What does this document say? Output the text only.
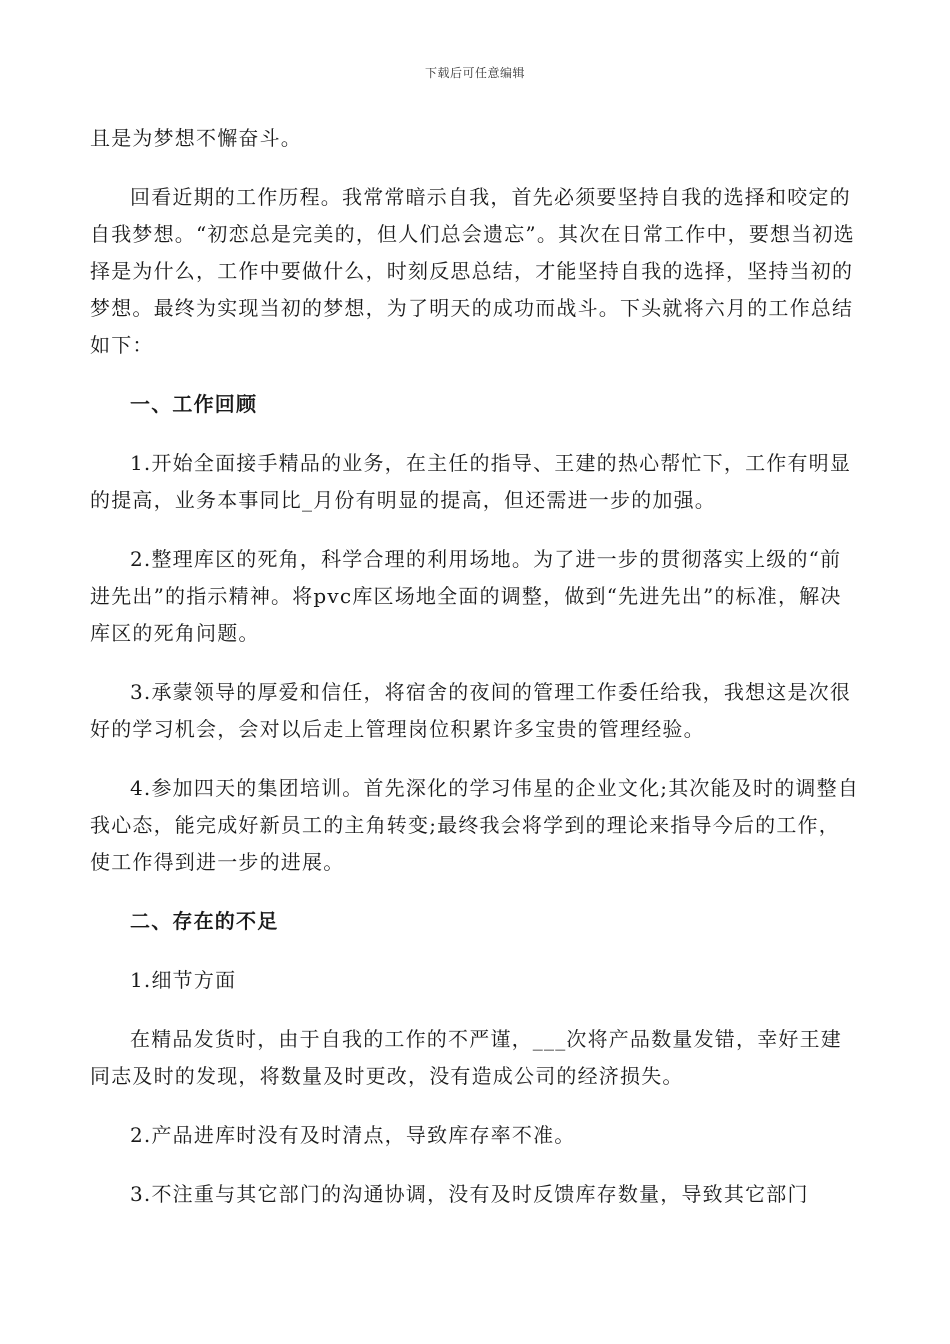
下载后可任意编辑

且是为梦想不懈奋斗。

回看近期的工作历程。我常常暗示自我，首先必须要坚持自我的选择和咬定的自我梦想。“初恋总是完美的，但人们总会遗忘”。其次在日常工作中，要想当初选择是为什么，工作中要做什么，时刻反思总结，才能坚持自我的选择，坚持当初的梦想。最终为实现当初的梦想，为了明天的成功而战斗。下头就将六月的工作总结如下：

一、工作回顾

1.开始全面接手精品的业务，在主任的指导、王建的热心帮忙下，工作有明显的提高，业务本事同比_月份有明显的提高，但还需进一步的加强。

2.整理库区的死角，科学合理的利用场地。为了进一步的贯彻落实上级的“前进先出”的指示精神。将pvc库区场地全面的调整，做到“先进先出”的标准，解决库区的死角问题。

3.承蒙领导的厚爱和信任，将宿舍的夜间的管理工作委任给我，我想这是次很好的学习机会，会对以后走上管理岗位积累许多宝贵的管理经验。

4.参加四天的集团培训。首先深化的学习伟星的企业文化;其次能及时的调整自我心态，能完成好新员工的主角转变;最终我会将学到的理论来指导今后的工作，使工作得到进一步的进展。

二、存在的不足

1.细节方面

在精品发货时，由于自我的工作的不严谨，___次将产品数量发错，幸好王建同志及时的发现，将数量及时更改，没有造成公司的经济损失。

2.产品进库时没有及时清点，导致库存率不准。

3.不注重与其它部门的沟通协调，没有及时反馈库存数量，导致其它部门
